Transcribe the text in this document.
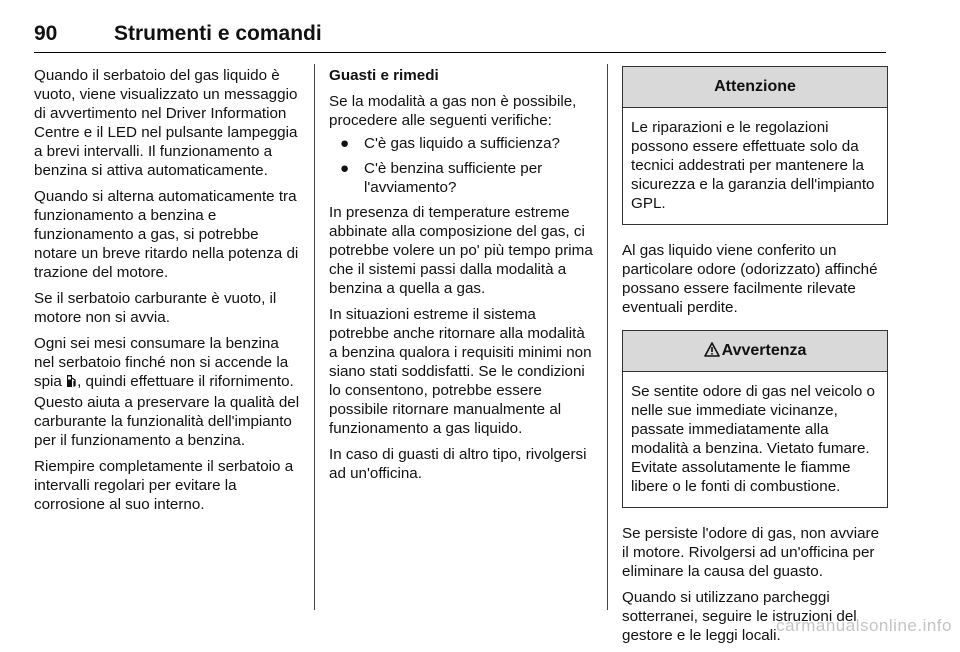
90	Strumenti e comandi

Quando il serbatoio del gas liquido è vuoto, viene visualizzato un messaggio di avvertimento nel Driver Information Centre e il LED nel pulsante lampeggia a brevi intervalli. Il funzionamento a benzina si attiva automaticamente.

Quando si alterna automaticamente tra funzionamento a benzina e funzionamento a gas, si potrebbe notare un breve ritardo nella potenza di trazione del motore.

Se il serbatoio carburante è vuoto, il motore non si avvia.

Ogni sei mesi consumare la benzina nel serbatoio finché non si accende la spia , quindi effettuare il rifornimento. Questo aiuta a preservare la qualità del carburante la funzionalità dell'impianto per il funzionamento a benzina.

Riempire completamente il serbatoio a intervalli regolari per evitare la corrosione al suo interno.

Guasti e rimedi

Se la modalità a gas non è possibile, procedere alle seguenti verifiche:

● C'è gas liquido a sufficienza?
● C'è benzina sufficiente per l'avviamento?

In presenza di temperature estreme abbinate alla composizione del gas, ci potrebbe volere un po' più tempo prima che il sistemi passi dalla modalità a benzina a quella a gas.

In situazioni estreme il sistema potrebbe anche ritornare alla modalità a benzina qualora i requisiti minimi non siano stati soddisfatti. Se le condizioni lo consentono, potrebbe essere possibile ritornare manualmente al funzionamento a gas liquido.

In caso di guasti di altro tipo, rivolgersi ad un'officina.

Attenzione
Le riparazioni e le regolazioni possono essere effettuate solo da tecnici addestrati per mantenere la sicurezza e la garanzia dell'impianto GPL.

Al gas liquido viene conferito un particolare odore (odorizzato) affinché possano essere facilmente rilevate eventuali perdite.

Avvertenza
Se sentite odore di gas nel veicolo o nelle sue immediate vicinanze, passate immediatamente alla modalità a benzina. Vietato fumare. Evitate assolutamente le fiamme libere o le fonti di combustione.

Se persiste l'odore di gas, non avviare il motore. Rivolgersi ad un'officina per eliminare la causa del guasto.

Quando si utilizzano parcheggi sotterranei, seguire le istruzioni del gestore e le leggi locali.

carmanualsonline.info
